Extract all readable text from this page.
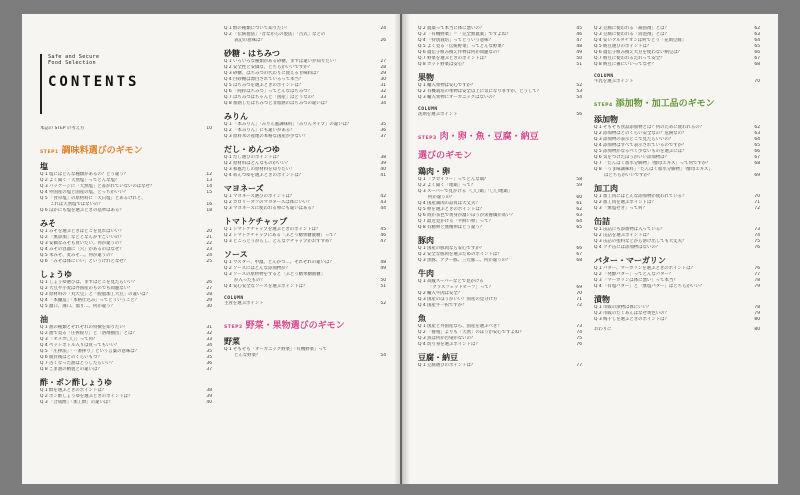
Safe and Secure
Food Selection
CONTENTS
本誌の STEP の考え方	10
STEP1 調味料選びのギモン
塩
Q 1 塩にはどんな種類があるの？どう違う？	12
Q 2 よく聞く「天然塩」ってどんな塩？	13
Q 3 パッケージに「天然塩」と書かれていないのはなぜ？	14
Q 4 外国産の塩と国産の塩、どっちがいい？	15
Q 5 「食卓塩」の原材料に「天日塩」とあるけれど、
これは天然塩ではないの？	16
Q 6 ほかにも塩を選ぶときの基準はある？	18
みそ
Q 1 みそを選ぶときはどこを見ればいい？	20
Q 2 「無添加」などとなんかすごいいの？	21
Q 3 安価なみそも買いたい。何が違うの？	22
Q 4 みその容器に「穴」があるのはなぜ？	23
Q 5 米みそ、麦みそ…。何が違うの？	24
Q 6 「みそは体にいい」というけれどなぜ？	25
しょうゆ
Q 1 しょうゆ選びは、まずはどこを見たらいい？	26
Q 2 大豆や小麦は外国産のものでも問題ない？	27
Q 3 原材料の「丸大豆」と「脱脂加工大豆」の違いは？	28
Q 4 「本醸造」「本格仕込み」ってどういうこと？	29
Q 5 濃口、薄口、溜り…。何が違う？	30
油
Q 1 油の種類とそれぞれの特徴を知りたい！	31
Q 2 油で見る「圧搾絞り」と「溶剤抽出」とは？	32
Q 3 「オメガ〇〇」って何？	33
Q 4 ペットボトル入りは買ってもいい？	34
Q 5 「圧搾法」「一番搾り」という言葉の意味は？	35
Q 6 開封後はどのくらいもつ？	35
Q 7 古くなった油はどうしたらいい？	36
Q 8 ごま油の精製との違いは？	37
酢・ポン酢しょうゆ
Q 1 酢を選ぶときのポイントは？	38
Q 2 ポン酢しょうゆを選ぶときのポイントは？	39
Q 3 「合成酢」「加工酢」の違いは？	40
Q 1 酢の種類について知りたい！	24
Q 2 「伝統製法」「昔ながらの製法」「古式」などの
表記の意味は？	26
砂糖・はちみつ
Q 1 いろいろな種類がある砂糖、まずは違いが知りたい！	27
Q 2 安全性と安価な、どちらがいいですか？	28
Q 3 砂糖、はちみつの代わりに使える甘味料は？	29
Q 4 白砂糖は漂白されているって本当？	30
Q 5 はちみつを選ぶときのポイントは？	31
Q 6 「純粋はちみつ」ってどんなはちみつ？	32
Q 7 はちみつはちゃんと「国産」はどうなの？	33
Q 8 加熱したはちみつと非加熱のはちみつの違いは？	34
みりん
Q 1 「本みりん」「みりん風調味料」「みりんタイプ」の違いは？	35
Q 2 「本みりん」にも違いがある？	36
Q 3 原料米の産地の本格な国産が少ない？	37
だし・めんつゆ
Q 1 だし選びのポイントは？	38
Q 2 原材料はどんなものがいい？	39
Q 3 和風だしの原材料を知りたい！	40
Q 4 めんつゆを選ぶときのポイントは？	41
マヨネーズ
Q 1 マヨネーズ選びのポイントは？	42
Q 2 カロリーオフのマヨネーズは体にいい？	43
Q 3 マヨネーズに使われる卵にも違いはある？	44
トマトケチャップ
Q 1 トマトケチャップを選ぶときのポイントは？	45
Q 2 トマトケチャップにある「ぶどう糖果糖液糖」って？	46
Q 3 ところとうがらし、どんなケチャップがおすすめ？	47
ソース
Q 1 ウスター、中濃、とんかつ…。それぞれの違いは？	48
Q 2 ソースにはどんな添加物が？	49
Q 3 ソースの原材物をすると「ぶどう糖果糖液糖」
が入ったもの？	50
Q 4 安心安全なソースを選ぶポイントは？	51
COLUMN
主食を選ぶポイント	52
STEP2 野菜・果物選びのギモン
野菜
Q 1 そもそも「オーガニック野菜」「有機野菜」って
どんな野菜？	54
Q 2 農薬って本当に体に悪いの？	45
Q 3 「有機野菜」＝「完全無農薬」ですよね？	46
Q 4 「特別栽培」ってどういう意味？	47
Q 5 よく見る「伝統野菜」ってどんな野菜？	48
Q 6 遺伝子組み換え作物は何が問題なの？	49
Q 7 野菜を選ぶときのポイントは？	50
Q 8 カット野菜は安心？	51
果物
Q 1 輸入果物は安心ですか？	52
Q 2 有機栽培の果物は安全以上に気になりますが、どうして？	53
Q 3 輸入果物にオーガニックはないの？	54
COLUMN
洗剤を選ぶポイント	56
STEP3 肉・卵・魚・豆腐・納豆
選びのギモン
鶏肉・卵
Q 1 「ブロイラー」ってどんな鶏？	58
Q 2 よく聞く「地鶏」って？	59
Q 3 スーパーで見かける「〇〇鶏」「〇〇地鶏」
何が違うの？	60
Q 4 国産鶏肉の品質は大丈夫？	61
Q 5 卵を選ぶときのポイントは？	62
Q 6 殻が茶色で黄身が濃いほうが栄養価が高い？	63
Q 7 最近見かける「平飼い卵」って？	64
Q 8 有精卵と無精卵はどう違う？	65
豚肉
Q 1 国産の豚肉なら安心ですか？	66
Q 2 安全な豚肉を選ぶためのポイントは？	67
Q 3 黒豚、アグー豚、三元豚…。何が違うの？	68
牛肉
Q 1 高級スーパーなどで見かける
「グラスフェッドビーフ」って？	69
Q 2 輸入牛肉は安全？	70
Q 3 国産のほうがいい？国産の見分け方	71
Q 4 国産牛一択ですか？	72
魚
Q 1 国産と外国産なら、国産を選ぶべき？	73
Q 2 「養殖」よりも「天然」のほうが安心ですよね？	74
Q 3 魚は何が汚染がないの？	75
Q 4 切り身を選ぶポイントは？	76
豆腐・納豆
Q 1 豆腐選びのポイントは？	77
Q 2 豆腐に使われる「凝固剤」とは？	62
Q 3 豆腐に使われる「消泡剤」とは？	63
Q 4 安いグルタチオンは何でどう「充填豆腐」	64
Q 5 納豆選びのポイントは？	65
Q 6 遺伝子組み換え大豆を使わない納豆は？	66
Q 7 納豆に使われるたれって安全？	67
Q 8 納豆に蕃にいいってなぜ？	68
COLUMN
牛乳を選ぶポイント	70
STEP4 添加物・加工品のギモン
添加物
Q 1 そもそも食品添加物とは？何のために使われるの？	62
Q 2 添加物はどのくらい安全なの？危険なの？	63
Q 3 添加物の表示どこで見たらいいの？	64
Q 4 添加物はすべて表示されているのですか？	65
Q 5 添加物がなるべく少ないものを選ぶには？	66
Q 6 気をつけたほうがいい添加物は？	67
Q 7 「たんぱく加水分解物」「酵母エキス」って何ですか？	68
Q 8 「うま味調味料」「たんぱく加水分解物」「酵母エキス」
はどちらがいいですか？	69
加工肉
Q 1 加工肉にはどんな添加物が使われている？	70
Q 2 加工肉を選ぶポイントは？	71
Q 3 「無塩せき」って何？	72
缶詰
Q 1 缶詰にも添加物は入っている？	73
Q 2 缶詰を選ぶポイントは？	74
Q 3 缶詰の塗料などから溶け出しても大丈夫？	75
Q 4 ツナ缶には添加物はないの？	76
バター・マーガリン
Q 1 バター、マーガリンを選ぶときのポイントは？	76
Q 2 「発酵バター」ってどんなバター？	77
Q 3 「マーガリンは体に悪い」って本当？	78
Q 4 「有塩バター」と「無塩バター」はどちらがいい？	79
漬物
Q 1 市販の漬物は体にいい？	78
Q 2 市販のたくあんはなぜ黄色いの？	79
Q 3 梅干しを選ぶときのポイントは？	80
おわりに	80
